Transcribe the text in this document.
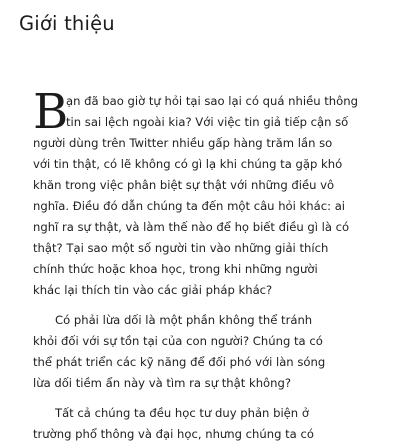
Giới thiệu
B
ạn đã bao giờ tự hỏi tại sao lại có quá nhiều thông
tin sai lệch ngoài kia? Với việc tin giả tiếp cận số
người dùng trên Twitter nhiều gấp hàng trăm lần so
với tin thật, có lẽ không có gì lạ khi chúng ta gặp khó
khăn trong việc phân biệt sự thật với những điều vô
nghĩa. Điều đó dẫn chúng ta đến một câu hỏi khác: ai
nghĩ ra sự thật, và làm thế nào để họ biết điều gì là có
thật? Tại sao một số người tin vào những giải thích
chính thức hoặc khoa học, trong khi những người
khác lại thích tin vào các giải pháp khác?
Có phải lừa dối là một phần không thể tránh
khỏi đối với sự tồn tại của con người? Chúng ta có
thể phát triển các kỹ năng để đối phó với làn sóng
lừa dối tiềm ẩn này và tìm ra sự thật không?
Tất cả chúng ta đều học tư duy phản biện ở
trường phổ thông và đại học, nhưng chúng ta có
